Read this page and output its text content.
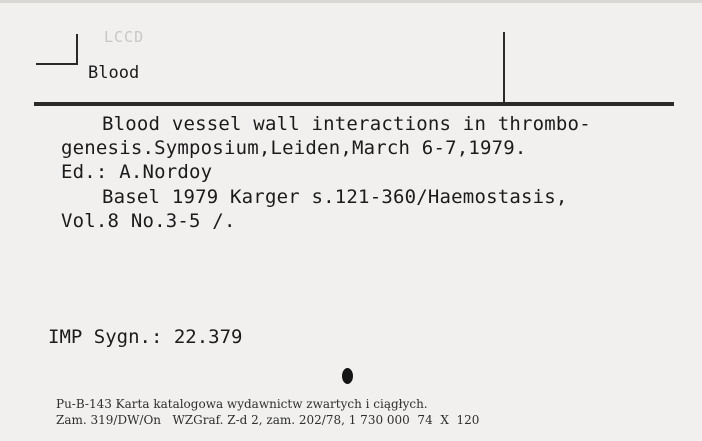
LCCD
Blood
Blood vessel wall interactions in thrombo-
genesis.Symposium,Leiden,March 6-7,1979.
Ed.: A.Nordoy
Basel 1979 Karger s.121-360/Haemostasis,
Vol.8 No.3-5 /.
IMP Sygn.: 22.379
Pu-B-143 Karta katalogowa wydawnictw zwartych i ciągłych.
Zam. 319/DW/On   WZGraf. Z-d 2, zam. 202/78, 1 730 000  74  X  120
